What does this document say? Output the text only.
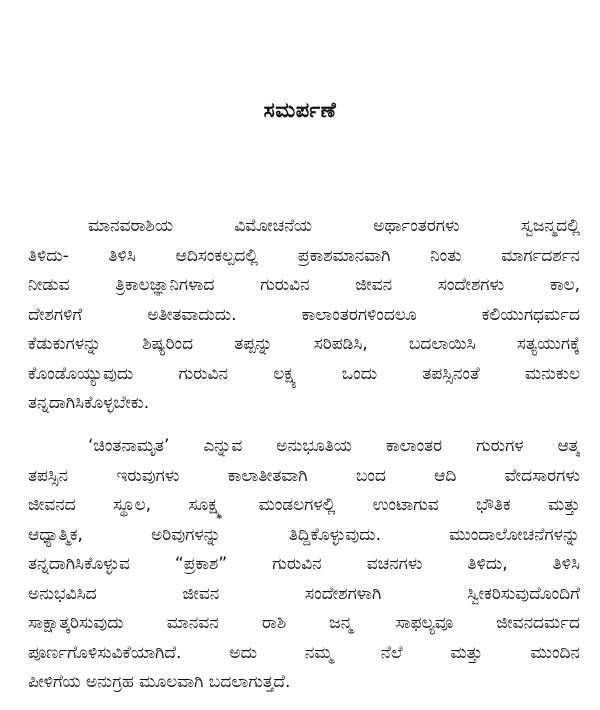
ಸಮರ್ಪಣೆ
ಮಾನವರಾಶಿಯ ವಿಮೋಚನೆಯ ಅರ್ಥಾಂತರಗಳು ಸ್ವಜನ್ಮದಲ್ಲಿ
ತಿಳಿದು- ತಿಳಿಸಿ ಆದಿಸಂಕಲ್ಪದಲ್ಲಿ ಪ್ರಕಾಶಮಾನವಾಗಿ ನಿಂತು ಮಾರ್ಗದರ್ಶನ
ನೀಡುವ ತ್ರಿಕಾಲಜ್ಞಾನಿಗಳಾದ ಗುರುವಿನ ಜೀವನ ಸಂದೇಶಗಳು ಕಾಲ,
ದೇಶಗಳಿಗೆ ಅತೀತವಾದುದು. ಕಾಲಾಂತರಗಳಿಂದಲೂ ಕಲಿಯುಗಧರ್ಮದ
ಕೆಡುಕುಗಳನ್ನು ಶಿಷ್ಯರಿಂದ ತಪ್ಪನ್ನು ಸರಿಪಡಿಸಿ, ಬದಲಾಯಿಸಿ ಸತ್ಯಯುಗಕ್ಕೆ
ಕೊಂಡೊಯ್ಯುವುದು ಗುರುವಿನ ಲಕ್ಷ್ಯ ಒಂದು ತಪಸ್ಸಿನಂತೆ ಮನುಕುಲ
ತನ್ನದಾಗಿಸಿಕೊಳ್ಳಬೇಕು.
‘ಚಿಂತನಾಮೃತ’ ಎನ್ನುವ ಅನುಭೂತಿಯ ಕಾಲಾಂತರ ಗುರುಗಳ ಆತ್ಮ
ತಪಸ್ಸಿನ ಇರುವುಗಳು ಕಾಲಾತೀತವಾಗಿ ಬಂದ ಆದಿ ವೇದಸಾರಗಳು
ಜೀವನದ ಸ್ಥೂಲ, ಸೂಕ್ಷ್ಮ ಮಂಡಲಗಳಲ್ಲಿ ಉಂಟಾಗುವ ಭೌತಿಕ ಮತ್ತು
ಆಧ್ಯಾತ್ಮಿಕ, ಅರಿವುಗಳನ್ನು ತಿದ್ದಿಕೊಳ್ಳುವುದು. ಮುಂದಾಲೋಚನೆಗಳನ್ನು
ತನ್ನದಾಗಿಸಿಕೊಳ್ಳುವ “ಪ್ರಕಾಶ” ಗುರುವಿನ ವಚನಗಳು ತಿಳಿದು, ತಿಳಿಸಿ
ಅನುಭವಿಸಿದ ಜೀವನ ಸಂದೇಶಗಳಾಗಿ ಸ್ವೀಕರಿಸುವುದೊಂದಿಗೆ
ಸಾಕ್ಷಾತ್ಕರಿಸುವುದು ಮಾನವನ ರಾಶಿ ಜನ್ಮ ಸಾಫಲ್ಯವೂ ಜೀವನದರ್ಮದ
ಪೂರ್ಣಗೊಳಿಸುವಿಕೆಯಾಗಿದೆ. ಅದು ನಮ್ಮ ನೆಲೆ ಮತ್ತು ಮುಂದಿನ
ಪೀಳಿಗೆಯ ಅನುಗ್ರಹ ಮೂಲವಾಗಿ ಬದಲಾಗುತ್ತದೆ.
